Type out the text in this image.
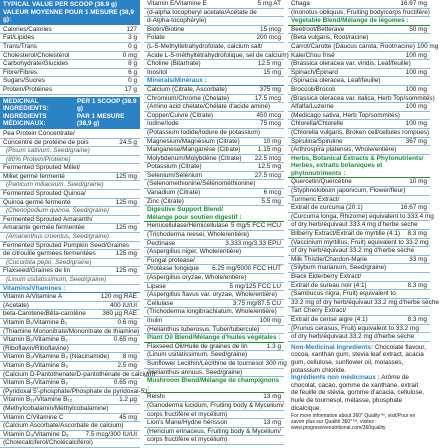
TYPICAL VALUE PER SCOOP (38.9 g)
VALEUR MOYENNE POUR 1 MESURE (38,9 g):
Calories/Calories	127
Fat/Lipides	3 g
Trans/Trans	0 g
Cholesterol/Cholestérol	0 mg
Carbohydrate/Glucides	8 g
Fibre/Fibres	6 g
Sugars/Sucres	0 g
Protein/Protéines	17 g
MEDICINAL INGREDIENTS:
PER 1 SCOOP (38.9 g)
INGRÉDIENTS MÉDICINAUX:
PAR 1 MESURE (38,9 g)
Pea Protein Concentrate/
Concentré de protéine de pois	24.5 g
(Pisum sativum, Seed/graine)
(80% Protein/Protéine)
Fermented Sprouted Millet/
Millet germé fermenté	125 mg
(Panicum miliaceum, Seed/graine)
Fermented Sprouted Quinoa/
Quinoa germé fermenté	125 mg
(Chenopodium quinoa, Seed/graine)
Fermented Sprouted Amaranth/
Amarante germée fermentée	125 mg
(Amaranthus cruentus, Seed/graine)
Fermented Sprouted Pumpkin Seed/Graines
de citrouille germées fermentées	125 mg
(Cucurbita pepo, Seed/graine)
Flaxseed/Graines de lin	125 mg
(Linum usitatissimum, Seed/graine)
Vitamins/Vitamines :
Vitamin A/Vitamine A	120 mg RAE
(Acetate)	400 IU/UI
beta-Carotene/Bêta-carotène	360 µg RAE
Vitamin B₁/Vitamine B₁	0.6 mg
(Thiamine Mononitrate/Mononitrate de thiamine)
Vitamin B₂/Vitamine B₂	0.65 mg
(Riboflavin/Riboflavine)
Vitamin B₃/Vitamine B₃ (Niacinamide)	8 mg
Vitamin B₅/Vitamine B₅	2.5 mg
(Calcium D-Pantothenate/D-pantothénate de calcium)
Vitamin B₆/Vitamine B₆	0.65 mg
(Pyridoxal 5'-phosphate/Phosphate de pyridoxal-5')
Vitamin B₁₂/Vitamine B₁₂	1.2 µg
(Methylcobalamin/Méthylcobalamine)
Vitamin C/Vitamine C	45 mg
(Calcium Ascorbate/Ascorbate de calcium)
Vitamin D₃/Vitamine D₃	7.5 mcg/300 IU/UI
(Cholecalciferol/Cholécalciférol)
Vitamin E/Vitamine E	5 mg AT
(d-alpha tocopheryl acetate/Acétate de
d-Alpha-tocophéryle)
Biotin/Biotine	15 mcg
Folate	200 mcg
(L-5-Methyltetrahydrofolate, calcium salt/
Acide L-5-méthyltétrahydrofolique, sel de calcium)
Choline (Bitartrate)	12.5 mg
Inositol	15 mg
Minerals/Minéraux :
Calcium (Citrate, Ascorbate)	375 mg
Chromium/Chrome (Chelate)	17.5 mcg
(Amino acid chelate/Chélate d'acide aminé)
Copper/Cuivre (Citrate)	450 mcg
Iodine/Iode	75 mcg
(Potassium Iodide/Iodure de potassium)
Magnesium/Magnésium (Citrate)	10 mg
Manganese/Manganèse (Citrate)	1.15 mg
Molybdenum/Molybdène (Citrate)	22.5 mcg
Potassium (Citrate)	12.5 mg
Selenium/Sélénium	27.5 mcg
(Selenomethionine/Sélénométhionine)
Vanadium (Citrate)	6 mcg
Zinc (Citrate)	5.5 mg
Digestive Support Blend/
Mélange pour soutien digestif :
Hemicellulase/Hémicellulase 5 mg/5 FCC HCU
(Trichoderma reesei, Whole/entière)
Pectinase	3.333 mg/3.33 EPU
(Aspergillus niger, Whole/entière)
Fungal protease/
Protéase fongique	6.25 mg/5000 FCC HUT
(Aspergillus oryzae, Whole/entière)
Lipase	5 mg/125 FCC LU
(Aspergillus flavus var. oryzae, Whole/entière)
Cellulase	3.75 mg/87.5 CU
(Trichoderma longibrachiatum, Whole/entière)
Inulin	100 mg
(Helianthus tuberosus, Tuber/tubercule)
Plant Oil Blend/Mélange d'huiles végétales :
Flaxseed Oil/Huile de graines de lin	1.3 g
(Linum usitatissimum, Seed/graine)
Sunflower Lecithin/Lécithine de tournesol 300 mg
(Helianthus annuus, Seed/graine)
Mushroom Blend/Mélange de champignons :
Reishi	13 mg
(Ganoderma lucidum, Fruiting body & Mycelium/
corps fructifère et mycélium)
Lion's Mane/Hydne hérisson	13 mg
(Hericium erinaceus, Fruiting body & Mycelium/
corps fructifère et mycélium)
Chaga	16.67 mg
(Inonotus obliquus, Fruiting body/corps fructifère)
Vegetable Blend/Mélange de légumes :
Beetroot/Betterave	50 mg
(Beta vulgaris, Root/racine)
Carrot/Carotte (Daucus carota, Root/racine) 100 mg
Kale/Chou frisé	100 mg
(Brassica oleracea var. viridis, Leaf/feuille)
Spinach/Épinard	100 mg
(Spinacia oleracea, Leaf/feuille)
Broccoli/Brocoli	100 mg
(Brassica oleracea var. italica, Herb Top/sommités)
Alfalfa/Luzerne	100 mg
(Medicago sativa, Herb Top/sommités)
Chlorella/Chlorelle	100 mg
(Chlorella vulgaris, Broken cell/cellules rompues)
Spirulina/Spiruline	367 mg
(Arthrospira platensis, Whole/entière)
Herbs, Botanical Extracts & Phytonutrients/
Herbes, extraits botaniques et phytonutriments :
Quercetin/Quercétine	10 mg
(Styphnolobium japonicum, Flower/fleur)
Turmeric Extract/
Extrait de curcuma (20:1)	16.67 mg
(Curcuma longa, Rhizome) equivalent to 333.4 mg
of dry herb/équivaut 333.4 mg d'herbe sèche
Bilberry Extract/Extrait de myrtille (4:1)	8.3 mg
(Vaccinium myrtillus, Fruit) equivalent to 33.2 mg
of dry herb/équivaut 33.2 mg d'herbe sèche
Milk Thistle/Chardon-Marie	33 mg
(Silybum marianum, Seed/graine)
Black Elderberry Extract/
Extrait de sureau noir (4:1)	8.3 mg
(Sambucus nigra, Fruit) equivalent to
33.2 mg of dry herb/équivaut 33.2 mg d'herbe sèche
Tart Cherry Extract/
Extrait de cerise aigre (4:1)	8.3 mg
(Prunus cerasus, Fruit) equivalent to 33.2 mg
of dry herb/équivaut 33.2 mg d'herbe sèche
Non-Medicinal Ingredients: Chocolate flavour, cocoa, xanthan gum, stevia leaf extract, acacia gum, cellulose, sunflower oil, molasses, potassium chloride.
Ingrédients non médicinaux : Arôme de chocolat, cacao, gomme de xanthane, extrait de feuille de stévia, gomme d'acacia, cellulose, huile de tournesol, mélasse, phosphate dicalcique.
For more information about 360° Quality™, visit/Pour en savoir plus sur Qualité 360°™, visitez : www.progressivenutritional.com/360quality
